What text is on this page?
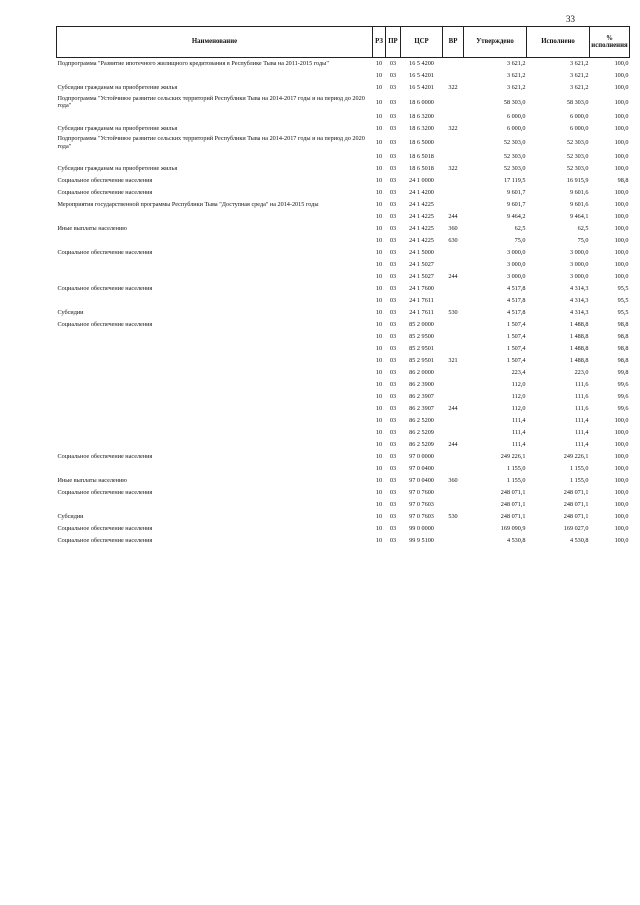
33
Наименование	РЗ	ПР	ЦСР	ВР	Утверждено	Исполнено	% исполнения
Подпрограмма "Развитие ипотечного жилищного кредитования в Республике Тыва на 2011-2015 годы"	10	03	16 5 4200		3 621,2	3 621,2	100,0
	10	03	16 5 4201		3 621,2	3 621,2	100,0
Субсидии гражданам на приобретение жилья	10	03	16 5 4201	322	3 621,2	3 621,2	100,0
Подпрограмма "Устойчивое развитие сельских территорий Республики Тыва на 2014-2017 годы и на период до 2020 года"	10	03	18 6 0000		58 303,0	58 303,0	100,0
	10	03	18 6 3200		6 000,0	6 000,0	100,0
Субсидии гражданам на приобретение жилья	10	03	18 6 3200	322	6 000,0	6 000,0	100,0
Подпрограмма "Устойчивое развитие сельских территорий Республики Тыва на 2014-2017 годы и на период до 2020 года"	10	03	18 6 5000		52 303,0	52 303,0	100,0
	10	03	18 6 5018		52 303,0	52 303,0	100,0
Субсидии гражданам на приобретение жилья	10	03	18 6 5018	322	52 303,0	52 303,0	100,0
Социальное обеспечение населения	10	03	24 1 0000		17 119,5	16 915,9	98,8
Социальное обеспечение населения	10	03	24 1 4200		9 601,7	9 601,6	100,0
Мероприятия государственной программы Республики Тыва "Доступная среда" на 2014-2015 годы	10	03	24 1 4225		9 601,7	9 601,6	100,0
	10	03	24 1 4225	244	9 464,2	9 464,1	100,0
Иные выплаты населению	10	03	24 1 4225	360	62,5	62,5	100,0
	10	03	24 1 4225	630	75,0	75,0	100,0
Социальное обеспечение населения	10	03	24 1 5000		3 000,0	3 000,0	100,0
	10	03	24 1 5027		3 000,0	3 000,0	100,0
	10	03	24 1 5027	244	3 000,0	3 000,0	100,0
Социальное обеспечение населения	10	03	24 1 7600		4 517,8	4 314,3	95,5
	10	03	24 1 7611		4 517,8	4 314,3	95,5
Субсидии	10	03	24 1 7611	530	4 517,8	4 314,3	95,5
Социальное обеспечение населения	10	03	85 2 0000		1 507,4	1 488,8	98,8
	10	03	85 2 9500		1 507,4	1 488,8	98,8
	10	03	85 2 9501		1 507,4	1 488,8	98,8
	10	03	85 2 9501	321	1 507,4	1 488,8	98,8
	10	03	86 2 0000		223,4	223,0	99,8
	10	03	86 2 3900		112,0	111,6	99,6
	10	03	86 2 3907		112,0	111,6	99,6
	10	03	86 2 3907	244	112,0	111,6	99,6
	10	03	86 2 5200		111,4	111,4	100,0
	10	03	86 2 5209		111,4	111,4	100,0
	10	03	86 2 5209	244	111,4	111,4	100,0
Социальное обеспечение населения	10	03	97 0 0000		249 226,1	249 226,1	100,0
	10	03	97 0 0400		1 155,0	1 155,0	100,0
Иные выплаты населению	10	03	97 0 0400	360	1 155,0	1 155,0	100,0
Социальное обеспечение населения	10	03	97 0 7600		248 071,1	248 071,1	100,0
	10	03	97 0 7603		248 071,1	248 071,1	100,0
Субсидии	10	03	97 0 7603	530	248 071,1	248 071,1	100,0
Социальное обеспечение населения	10	03	99 0 0000		169 090,9	169 027,0	100,0
Социальное обеспечение населения	10	03	99 9 5100		4 530,8	4 530,8	100,0
